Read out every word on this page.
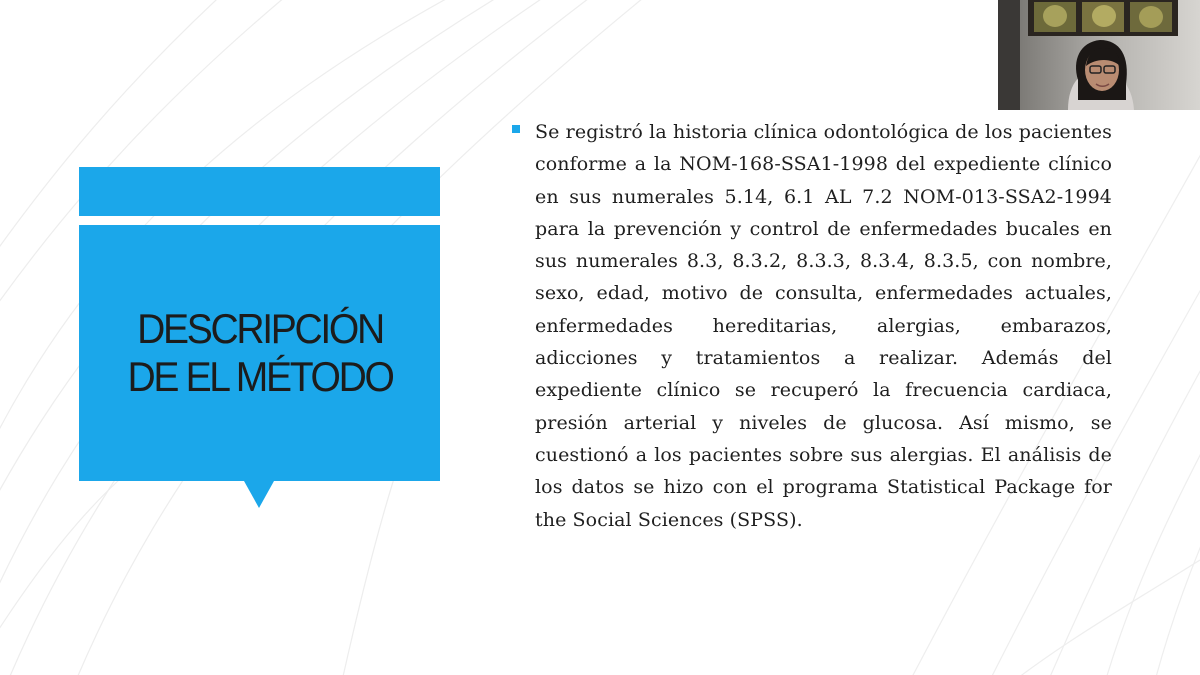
DESCRIPCIÓN
DE EL MÉTODO

Se registró la historia clínica odontológica de los pacientes conforme a la NOM-168-SSA1-1998 del expediente clínico en sus numerales 5.14, 6.1 AL 7.2 NOM-013-SSA2-1994 para la prevención y control de enfermedades bucales en sus numerales 8.3, 8.3.2, 8.3.3, 8.3.4, 8.3.5, con nombre, sexo, edad, motivo de consulta, enfermedades actuales, enfermedades hereditarias, alergias, embarazos, adicciones y tratamientos a realizar. Además del expediente clínico se recuperó la frecuencia cardiaca, presión arterial y niveles de glucosa. Así mismo, se cuestionó a los pacientes sobre sus alergias. El análisis de los datos se hizo con el programa Statistical Package for the Social Sciences (SPSS).
